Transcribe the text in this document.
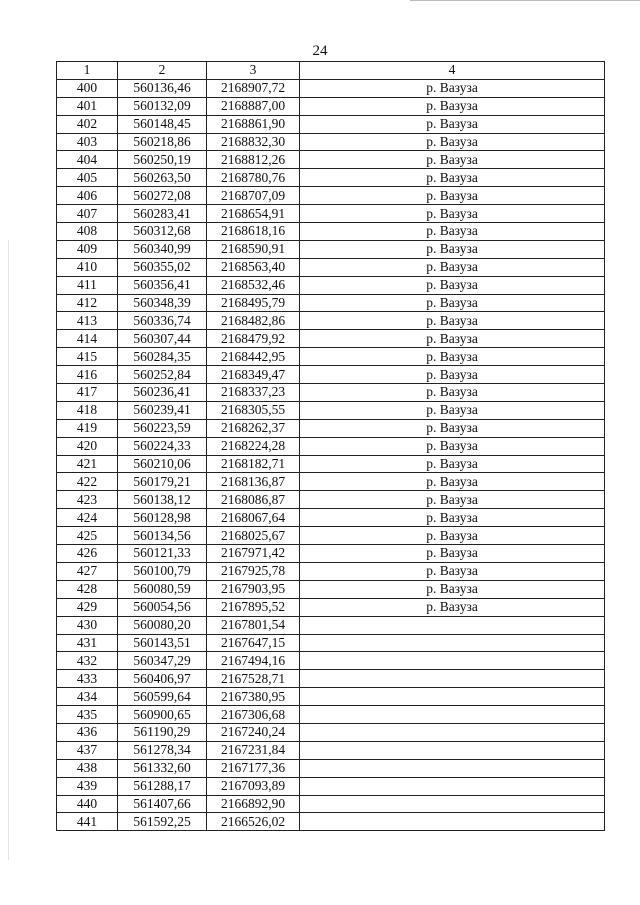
24
1	2	3	4
400	560136,46	2168907,72	р. Вазуза
401	560132,09	2168887,00	р. Вазуза
402	560148,45	2168861,90	р. Вазуза
403	560218,86	2168832,30	р. Вазуза
404	560250,19	2168812,26	р. Вазуза
405	560263,50	2168780,76	р. Вазуза
406	560272,08	2168707,09	р. Вазуза
407	560283,41	2168654,91	р. Вазуза
408	560312,68	2168618,16	р. Вазуза
409	560340,99	2168590,91	р. Вазуза
410	560355,02	2168563,40	р. Вазуза
411	560356,41	2168532,46	р. Вазуза
412	560348,39	2168495,79	р. Вазуза
413	560336,74	2168482,86	р. Вазуза
414	560307,44	2168479,92	р. Вазуза
415	560284,35	2168442,95	р. Вазуза
416	560252,84	2168349,47	р. Вазуза
417	560236,41	2168337,23	р. Вазуза
418	560239,41	2168305,55	р. Вазуза
419	560223,59	2168262,37	р. Вазуза
420	560224,33	2168224,28	р. Вазуза
421	560210,06	2168182,71	р. Вазуза
422	560179,21	2168136,87	р. Вазуза
423	560138,12	2168086,87	р. Вазуза
424	560128,98	2168067,64	р. Вазуза
425	560134,56	2168025,67	р. Вазуза
426	560121,33	2167971,42	р. Вазуза
427	560100,79	2167925,78	р. Вазуза
428	560080,59	2167903,95	р. Вазуза
429	560054,56	2167895,52	р. Вазуза
430	560080,20	2167801,54	
431	560143,51	2167647,15	
432	560347,29	2167494,16	
433	560406,97	2167528,71	
434	560599,64	2167380,95	
435	560900,65	2167306,68	
436	561190,29	2167240,24	
437	561278,34	2167231,84	
438	561332,60	2167177,36	
439	561288,17	2167093,89	
440	561407,66	2166892,90	
441	561592,25	2166526,02	
